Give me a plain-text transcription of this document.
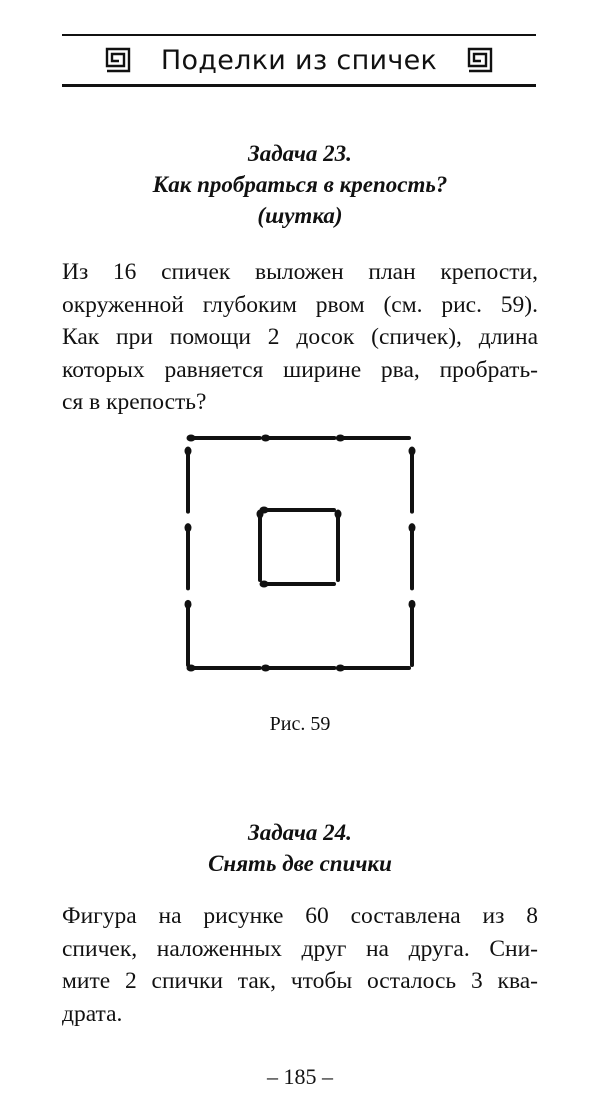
Поделки из спичек
Задача 23.
Как пробраться в крепость?
(шутка)
Из 16 спичек выложен план крепости,
окруженной глубоким рвом (см. рис. 59).
Как при помощи 2 досок (спичек), длина
которых равняется ширине рва, пробрать-
ся в крепость?
Рис. 59
Задача 24.
Снять две спички
Фигура на рисунке 60 составлена из 8
спичек, наложенных друг на друга. Сни-
мите 2 спички так, чтобы осталось 3 ква-
драта.
– 185 –
